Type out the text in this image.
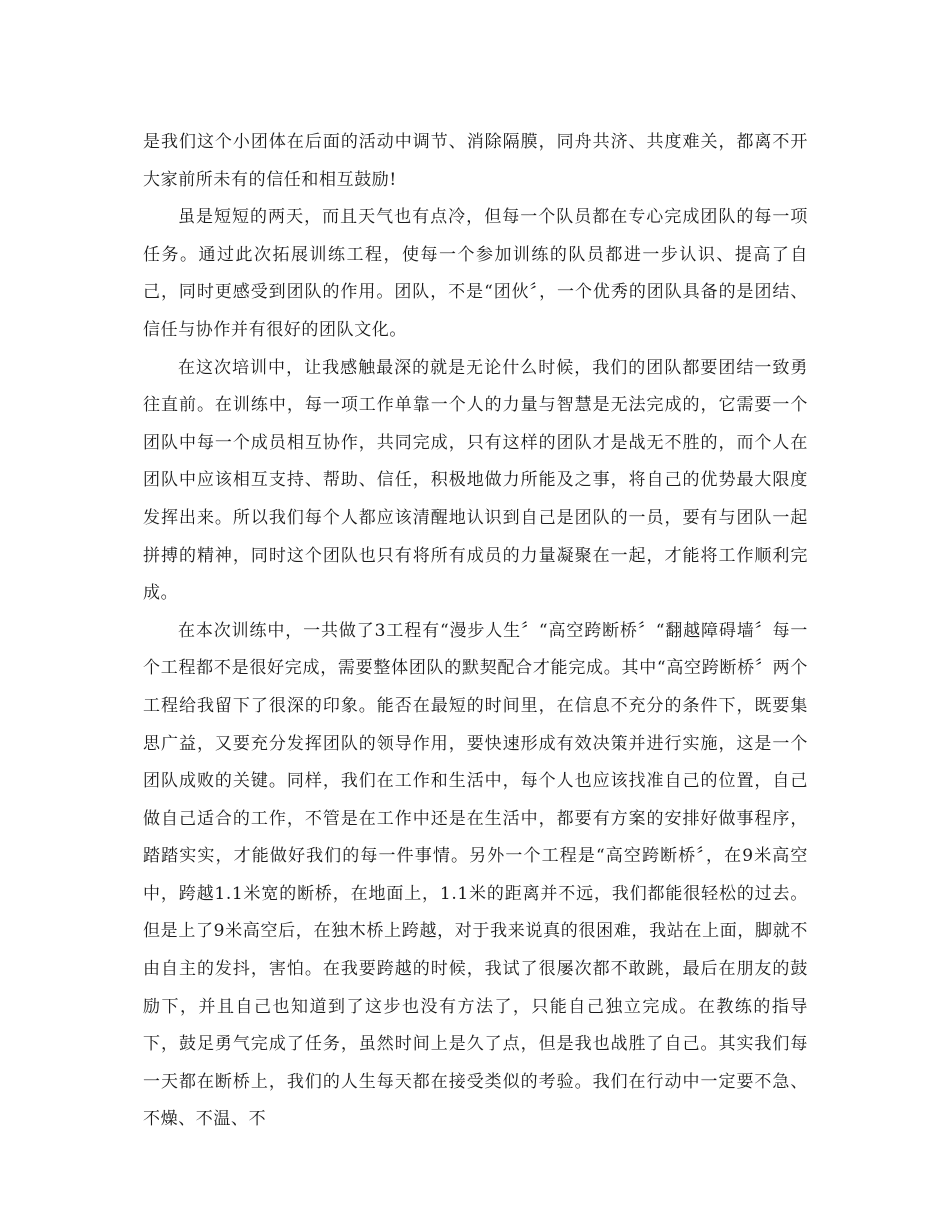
是我们这个小团体在后面的活动中调节、消除隔膜，同舟共济、共度难关，都离不开大家前所未有的信任和相互鼓励!

虽是短短的两天，而且天气也有点冷，但每一个队员都在专心完成团队的每一项任务。通过此次拓展训练工程，使每一个参加训练的队员都进一步认识、提高了自己，同时更感受到团队的作用。团队，不是“团伙〞，一个优秀的团队具备的是团结、信任与协作并有很好的团队文化。

在这次培训中，让我感触最深的就是无论什么时候，我们的团队都要团结一致勇往直前。在训练中，每一项工作单靠一个人的力量与智慧是无法完成的，它需要一个团队中每一个成员相互协作，共同完成，只有这样的团队才是战无不胜的，而个人在团队中应该相互支持、帮助、信任，积极地做力所能及之事，将自己的优势最大限度发挥出来。所以我们每个人都应该清醒地认识到自己是团队的一员，要有与团队一起拼搏的精神，同时这个团队也只有将所有成员的力量凝聚在一起，才能将工作顺利完成。

在本次训练中，一共做了3工程有“漫步人生〞“高空跨断桥〞“翻越障碍墙〞每一个工程都不是很好完成，需要整体团队的默契配合才能完成。其中“高空跨断桥〞两个工程给我留下了很深的印象。能否在最短的时间里，在信息不充分的条件下，既要集思广益，又要充分发挥团队的领导作用，要快速形成有效决策并进行实施，这是一个团队成败的关键。同样，我们在工作和生活中，每个人也应该找准自己的位置，自己做自己适合的工作，不管是在工作中还是在生活中，都要有方案的安排好做事程序，踏踏实实，才能做好我们的每一件事情。另外一个工程是“高空跨断桥〞，在9米高空中，跨越1.1米宽的断桥，在地面上，1.1米的距离并不远，我们都能很轻松的过去。但是上了9米高空后，在独木桥上跨越，对于我来说真的很困难，我站在上面，脚就不由自主的发抖，害怕。在我要跨越的时候，我试了很屡次都不敢跳，最后在朋友的鼓励下，并且自己也知道到了这步也没有方法了，只能自己独立完成。在教练的指导下，鼓足勇气完成了任务，虽然时间上是久了点，但是我也战胜了自己。其实我们每一天都在断桥上，我们的人生每天都在接受类似的考验。我们在行动中一定要不急、不燥、不温、不
